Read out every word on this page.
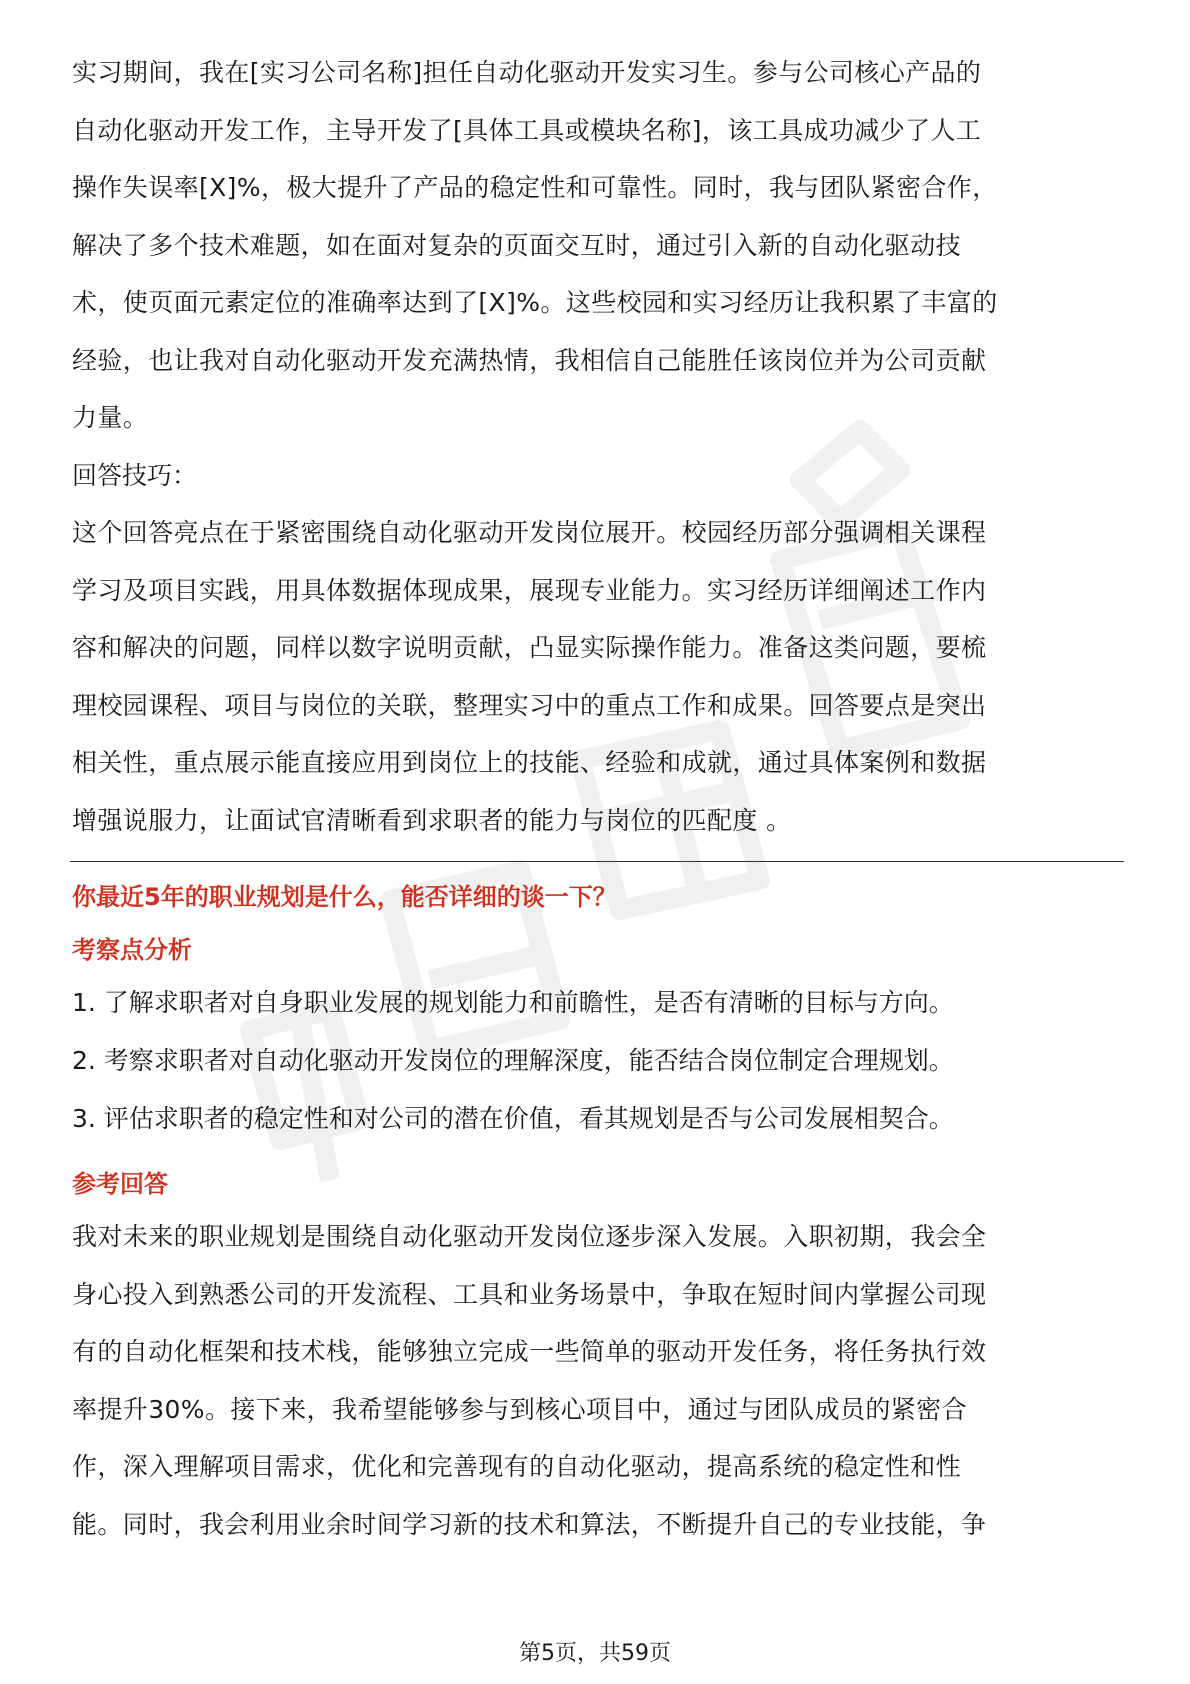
实习期间，我在[实习公司名称]担任自动化驱动开发实习生。参与公司核心产品的

自动化驱动开发工作，主导开发了[具体工具或模块名称]，该工具成功减少了人工

操作失误率[X]%，极大提升了产品的稳定性和可靠性。同时，我与团队紧密合作，

解决了多个技术难题，如在面对复杂的页面交互时，通过引入新的自动化驱动技

术，使页面元素定位的准确率达到了[X]%。这些校园和实习经历让我积累了丰富的

经验，也让我对自动化驱动开发充满热情，我相信自己能胜任该岗位并为公司贡献

力量。

回答技巧：

这个回答亮点在于紧密围绕自动化驱动开发岗位展开。校园经历部分强调相关课程

学习及项目实践，用具体数据体现成果，展现专业能力。实习经历详细阐述工作内

容和解决的问题，同样以数字说明贡献，凸显实际操作能力。准备这类问题，要梳

理校园课程、项目与岗位的关联，整理实习中的重点工作和成果。回答要点是突出

相关性，重点展示能直接应用到岗位上的技能、经验和成就，通过具体案例和数据

增强说服力，让面试官清晰看到求职者的能力与岗位的匹配度 。

你最近5年的职业规划是什么，能否详细的谈一下？

考察点分析

1. 了解求职者对自身职业发展的规划能力和前瞻性，是否有清晰的目标与方向。

2. 考察求职者对自动化驱动开发岗位的理解深度，能否结合岗位制定合理规划。

3. 评估求职者的稳定性和对公司的潜在价值，看其规划是否与公司发展相契合。

参考回答

我对未来的职业规划是围绕自动化驱动开发岗位逐步深入发展。入职初期，我会全

身心投入到熟悉公司的开发流程、工具和业务场景中，争取在短时间内掌握公司现

有的自动化框架和技术栈，能够独立完成一些简单的驱动开发任务，将任务执行效

率提升30%。接下来，我希望能够参与到核心项目中，通过与团队成员的紧密合

作，深入理解项目需求，优化和完善现有的自动化驱动，提高系统的稳定性和性

能。同时，我会利用业余时间学习新的技术和算法，不断提升自己的专业技能，争

第5页，共59页
